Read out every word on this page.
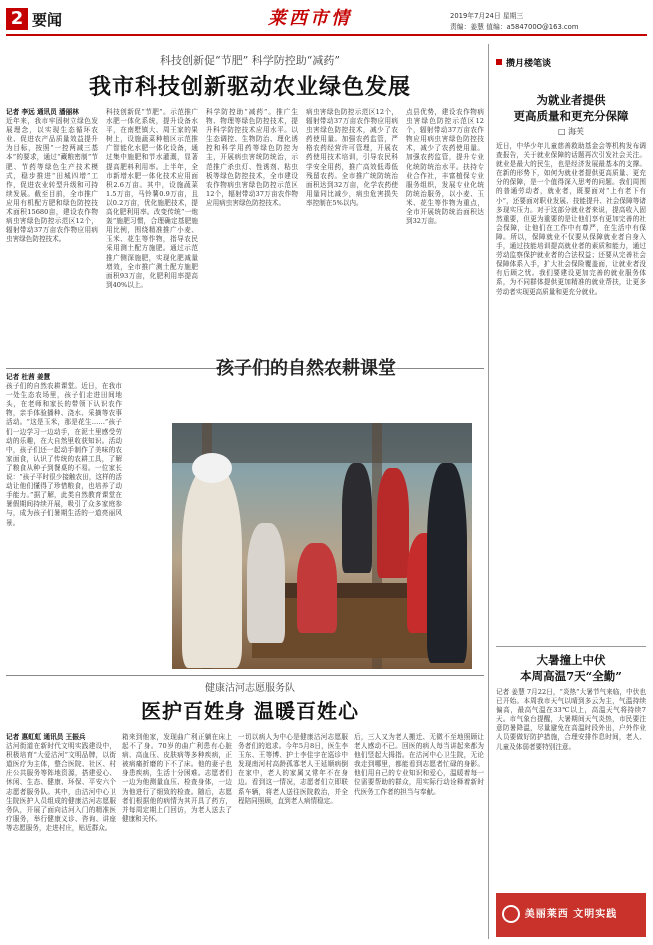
2 要闻	莱西市情	2019年7月24日 星期三
责编：姜慧 值编：a584700O@163.com
科技创新促“节肥” 科学防控助“减药”
我市科技创新驱动农业绿色发展
记者 李远 通讯员 潘丽林
近年来，我市牢固树立绿色发展理念，以实现生态循环农业、促进农产品质量效益提升为目标，按照“一控两减三基本”的要求，通过“藏粮密制”节肥、节药等绿色生产技术模式，稳步推进“田城四增”工作，促进农业转型升级和可持续发展。截至目前，全市推广应用有机配方肥和绿色防控技术面积15680亩，建设农作物病虫害绿色防控示范区12个，辐射带动37万亩农作物应用病虫害绿色防控技术。
科技创新促“节肥”。示范推广水肥一体化系统，提升设备水平，在南墅镇大、周王家的果树上，设施蔬菜种植区示范推广智能化水肥一体化设备，通过集中施肥和节水灌溉，显著提高肥料利用率。上半年，全市新增水肥一体化技术应用面积2.6万亩。其中，设施蔬菜1.5万亩，马铃薯0.9万亩，且以0.2万亩，优化施肥技术，提高化肥利用率。改变传统“一炮轰”施肥习惯，合理确定基肥施用比例，围绕精准推广小麦、玉米、花生等作物，指导农民采用测土配方施肥。通过示范推广侧深施肥，实现化肥减量增效，全市推广测土配方施肥面积93万亩，化肥利用率提高到40%以上。
科学防控助“减药”。推广生物、物理等绿色防控技术，提升科学防控技术应用水平。以生态调控、生物防治、理化诱控和科学用药等绿色防控为主，开展病虫害统防统治，示范推广杀虫灯、性诱剂、粘虫板等绿色防控技术，全市建设农作物病虫害绿色防控示范区12个，辐射带动37万亩农作物应用病虫害绿色防控技术。
病虫害绿色防控示范区12个，辐射带动37万亩农作物应用病虫害绿色防控技术，减少了农药使用量。加强农药监管，严格农药经营许可管理，开展农药使用技术培训，引导农民科学安全用药，推广高效低毒低残留农药。全市推广统防统治面积达到32万亩，化学农药使用量同比减少，病虫危害损失率控制在5%以内。
点县优势，建设农作物病虫害绿色防控示范区12个，辐射带动37万亩农作物应用病虫害绿色防控技术，减少了农药使用量。加强农药监管，提升专业化统防统治水平。扶持专业合作社，丰富植保专业服务组织，发展专业化统防统治服务，以小麦、玉米、花生等作物为重点，全市开展统防统治面积达到32万亩。
孩子们的自然农耕课堂
记者 杜茜 姜慧
孩子们的自然农耕课堂。近日，在我市一处生态农场里，孩子们走进田间地头，在老师和家长的带领下认识农作物，亲手体验播种、浇水、采摘等农事活动。“这是玉米，那是花生……”孩子们一边学习一边动手，在泥土里感受劳动的乐趣，在大自然里收获知识。活动中，孩子们还一起动手制作了美味的农家面食，认识了传统的农耕工具，了解了粮食从种子到餐桌的不易。一位家长说：“孩子平时很少接触农田，这样的活动让他们懂得了珍惜粮食，也培养了动手能力。”据了解，此类自然教育课堂在暑假期间持续开展，吸引了众多家庭参与，成为孩子们暑期生活的一道亮丽风景。
健康沽河志愿服务队
医护百姓身 温暖百姓心
记者 惠虹虹 通讯员 王振兵
沽河街道在新时代文明实践建设中，积极培育“大爱沽河”文明品牌，以街道医疗为主体，整合医院、社区、村庄公共服务等阵地资源，搭建爱心、休闲、生态、健康、环保、平安六个志愿者服务队。其中，由沽河中心卫生院医护人员组成的健康沽河志愿服务队，开展了面向沽河入门的精准医疗服务，举行健康义诊、咨询、讲座等志愿服务，走进村庄，贴近群众。
箱来到他家，发现曲广利正躺在床上起不了身。70岁的曲广利患有心脏病、高血压、皮肤病等多种疾病，正被病痛折磨的下不了床。他的妻子也身患疾病，生活十分困难。志愿者们一边为他测量血压、检查身体，一边为他进行了细致的检查。随后，志愿者们根据他的病情为其开具了药方，并每周定期上门回访，为老人送去了健康和关怀。
一切以病人为中心是健康沽河志愿服务者们的追求。今年5月8日，医生李玉东、王等博、护士李佳宇在巡诊中发现南河村高龄孤寡老人王延顺病倒在家中，老人的家属又常年不在身边。看到这一情况，志愿者们立即联系车辆，将老人送往医院救治，并全程陪同照顾，直到老人病情稳定。
后，三人又为老人搬迁、无微不至地照顾让老人感动不已。回医的病人每当讲起来都为他们竖起大拇指。在沽河中心卫生院，无论我走到哪里，都能看到志愿者忙碌的身影。他们用自己的专业知识和爱心，温暖着每一位需要帮助的群众，用实际行动诠释着新时代医务工作者的担当与奉献。
攒月楼笔谈
为就业者提供
更高质量和更充分保障
□ 海芙
近日，中华少年儿童慈善救助基金会等机构发布调查报告，关于就业保障的话题再次引发社会关注。就业是最大的民生，也是经济发展最基本的支撑。在新的形势下，如何为就业者提供更高质量、更充分的保障，是一个值得深入思考的问题。我们周围的普通劳动者，就业者，既要面对“上有老下有小”，还要面对职业发展、技能提升、社会保障等诸多现实压力。对于这部分就业者来说，提高收入固然重要，但更为重要的是让他们享有更加完善的社会保障，让他们在工作中有尊严，在生活中有保障。所以，保障就业不仅要从保障就业者自身入手，通过技能培训提高就业者的素质和能力，通过劳动监察保护就业者的合法权益；还要从完善社会保障体系入手，扩大社会保险覆盖面，让就业者没有后顾之忧。我们要建设更加完善的就业服务体系，为不同群体提供更加精准的就业帮扶，让更多劳动者实现更高质量和更充分就业。
大暑撞上中伏
本周高温7天“全勤”
记者 姜慧 7月22日，“炎热”大暑节气来临，中伏也已开始。本周我市天气以晴到多云为主，气温持续偏高，最高气温在33℃以上，高温天气将持续7天。市气象台提醒，大暑期间天气炎热，市民要注意防暑降温，尽量避免在高温时段外出，户外作业人员要做好防护措施，合理安排作息时间，老人、儿童及体弱者要特别注意。
美丽莱西 文明实践
